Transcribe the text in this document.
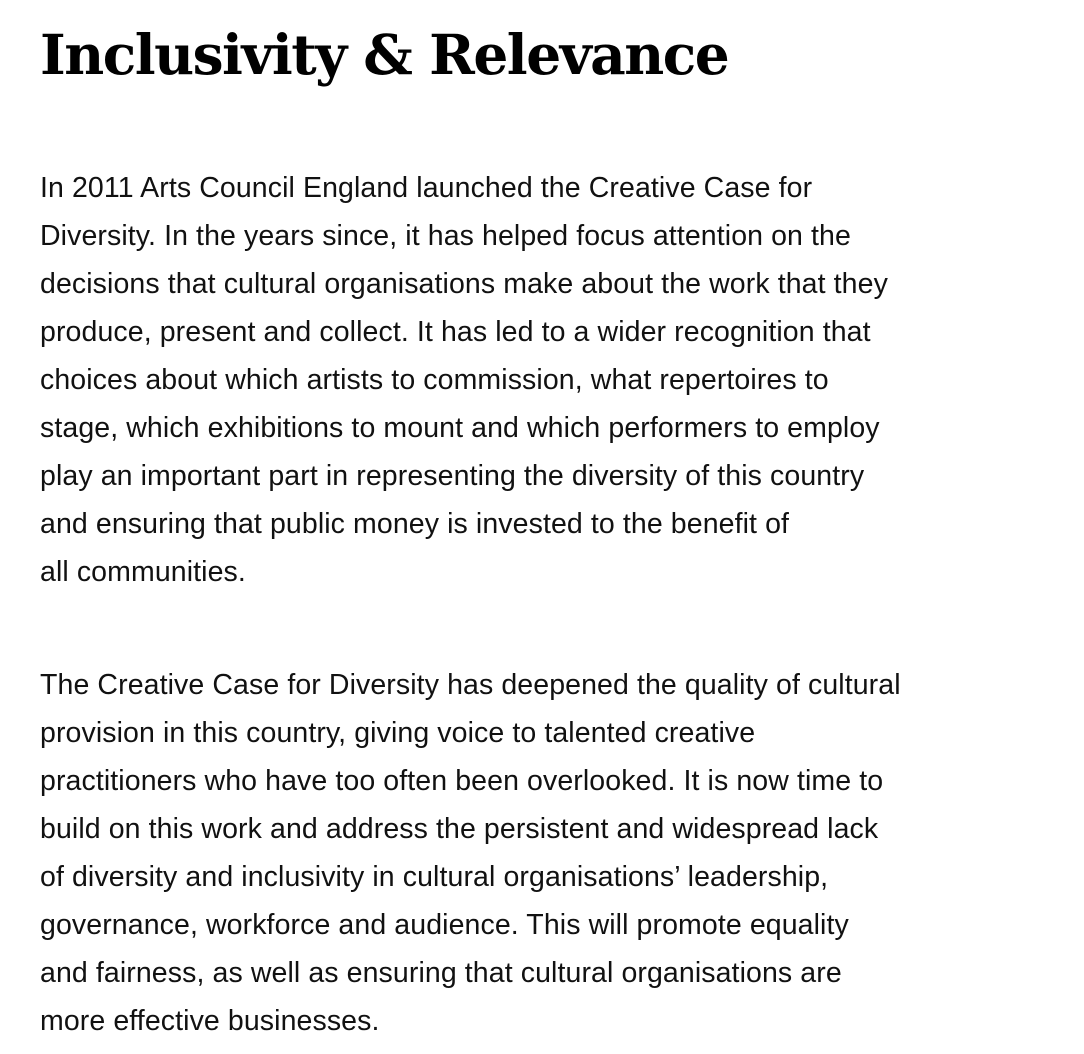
Inclusivity & Relevance

In 2011 Arts Council England launched the Creative Case for
Diversity. In the years since, it has helped focus attention on the
decisions that cultural organisations make about the work that they
produce, present and collect. It has led to a wider recognition that
choices about which artists to commission, what repertoires to
stage, which exhibitions to mount and which performers to employ
play an important part in representing the diversity of this country
and ensuring that public money is invested to the benefit of
all communities.

The Creative Case for Diversity has deepened the quality of cultural
provision in this country, giving voice to talented creative
practitioners who have too often been overlooked. It is now time to
build on this work and address the persistent and widespread lack
of diversity and inclusivity in cultural organisations’ leadership,
governance, workforce and audience. This will promote equality
and fairness, as well as ensuring that cultural organisations are
more effective businesses.
